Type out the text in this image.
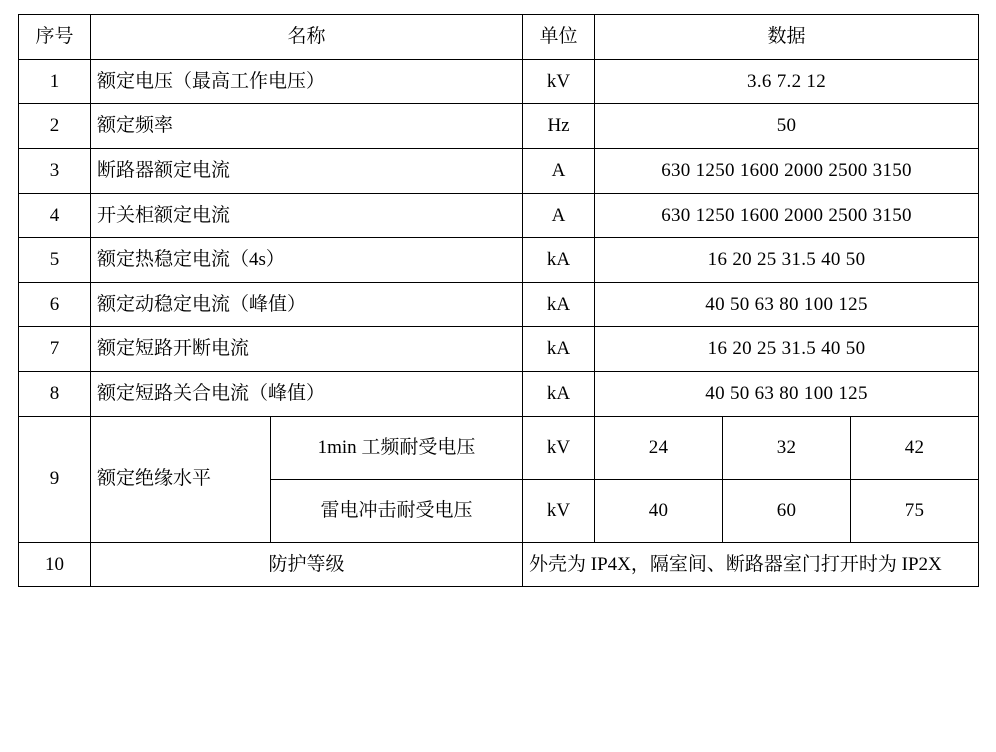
序号	名称		单位	数据		
1	额定电压（最高工作电压）		kV	3.6 7.2 12		
2	额定频率		Hz	50		
3	断路器额定电流		A	630 1250 1600 2000 2500 3150		
4	开关柜额定电流		A	630 1250 1600 2000 2500 3150		
5	额定热稳定电流（4s）		kA	16 20 25 31.5 40 50		
6	额定动稳定电流（峰值）		kA	40 50 63 80 100 125		
7	额定短路开断电流		kA	16 20 25 31.5 40 50		
8	额定短路关合电流（峰值）		kA	40 50 63 80 100 125		
9	额定绝缘水平	1min 工频耐受电压	kV	24	32	42
		雷电冲击耐受电压	kV	40	60	75
10	防护等级		外壳为 IP4X，隔室间、断路器室门打开时为 IP2X			
